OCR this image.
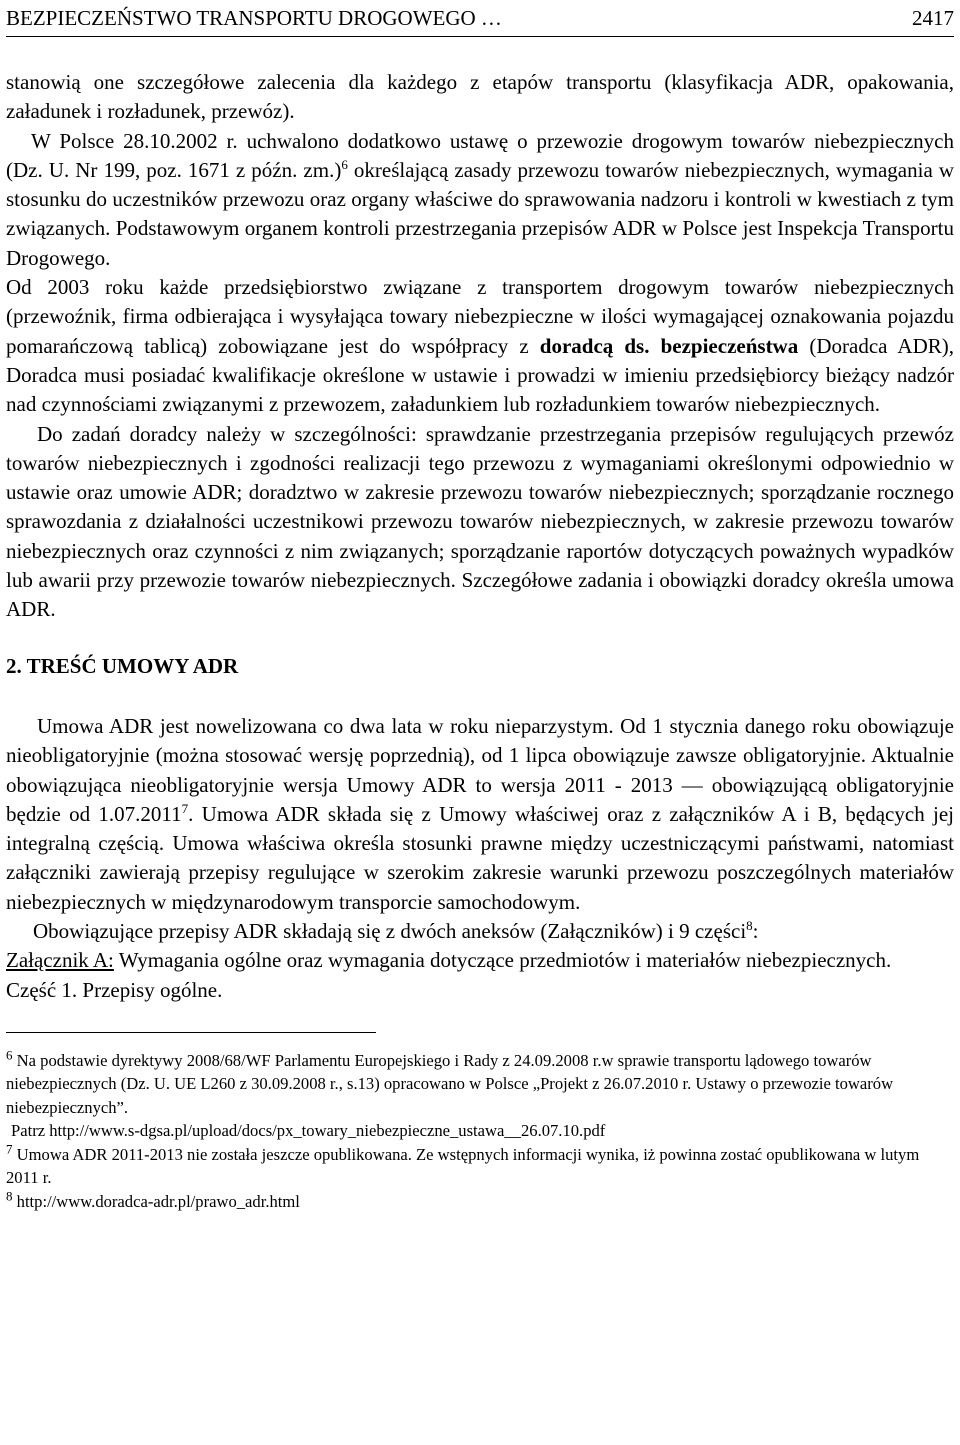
BEZPIECZEŃSTWO TRANSPORTU DROGOWEGO …	2417

stanowią one szczegółowe zalecenia dla każdego z etapów transportu (klasyfikacja ADR, opakowania, załadunek i rozładunek, przewóz).

W Polsce 28.10.2002 r. uchwalono dodatkowo ustawę o przewozie drogowym towarów niebezpiecznych (Dz. U. Nr 199, poz. 1671 z późn. zm.)$^6$ określającą zasady przewozu towarów niebezpiecznych, wymagania w stosunku do uczestników przewozu oraz organy właściwe do sprawowania nadzoru i kontroli w kwestiach z tym związanych. Podstawowym organem kontroli przestrzegania przepisów ADR w Polsce jest Inspekcja Transportu Drogowego.

Od 2003 roku każde przedsiębiorstwo związane z transportem drogowym towarów niebezpiecznych (przewoźnik, firma odbierająca i wysyłająca towary niebezpieczne w ilości wymagającej oznakowania pojazdu pomarańczową tablicą) zobowiązane jest do współpracy z doradcą ds. bezpieczeństwa (Doradca ADR), Doradca musi posiadać kwalifikacje określone w ustawie i prowadzi w imieniu przedsiębiorcy bieżący nadzór nad czynnościami związanymi z przewozem, załadunkiem lub rozładunkiem towarów niebezpiecznych.

Do zadań doradcy należy w szczególności: sprawdzanie przestrzegania przepisów regulujących przewóz towarów niebezpiecznych i zgodności realizacji tego przewozu z wymaganiami określonymi odpowiednio w ustawie oraz umowie ADR; doradztwo w zakresie przewozu towarów niebezpiecznych; sporządzanie rocznego sprawozdania z działalności uczestnikowi przewozu towarów niebezpiecznych, w zakresie przewozu towarów niebezpiecznych oraz czynności z nim związanych; sporządzanie raportów dotyczących poważnych wypadków lub awarii przy przewozie towarów niebezpiecznych. Szczegółowe zadania i obowiązki doradcy określa umowa ADR.

2. TREŚĆ UMOWY ADR

Umowa ADR jest nowelizowana co dwa lata w roku nieparzystym. Od 1 stycznia danego roku obowiązuje nieobligatoryjnie (można stosować wersję poprzednią), od 1 lipca obowiązuje zawsze obligatoryjnie. Aktualnie obowiązująca nieobligatoryjnie wersja Umowy ADR to wersja 2011 - 2013 — obowiązującą obligatoryjnie będzie od 1.07.2011$^7$. Umowa ADR składa się z Umowy właściwej oraz z załączników A i B, będących jej integralną częścią. Umowa właściwa określa stosunki prawne między uczestniczącymi państwami, natomiast załączniki zawierają przepisy regulujące w szerokim zakresie warunki przewozu poszczególnych materiałów niebezpiecznych w międzynarodowym transporcie samochodowym.

Obowiązujące przepisy ADR składają się z dwóch aneksów (Załączników) i 9 części$^8$:

Załącznik A: Wymagania ogólne oraz wymagania dotyczące przedmiotów i materiałów niebezpiecznych.

Część 1. Przepisy ogólne.

$^6$ Na podstawie dyrektywy 2008/68/WF Parlamentu Europejskiego i Rady z 24.09.2008 r.w sprawie transportu lądowego towarów niebezpiecznych (Dz. U. UE L260 z 30.09.2008 r., s.13) opracowano w Polsce „Projekt z 26.07.2010 r. Ustawy o przewozie towarów niebezpiecznych”.

Patrz http://www.s-dgsa.pl/upload/docs/px_towary_niebezpieczne_ustawa__26.07.10.pdf

$^7$ Umowa ADR 2011-2013 nie została jeszcze opublikowana. Ze wstępnych informacji wynika, iż powinna zostać opublikowana w lutym 2011 r.

$^8$ http://www.doradca-adr.pl/prawo_adr.html
